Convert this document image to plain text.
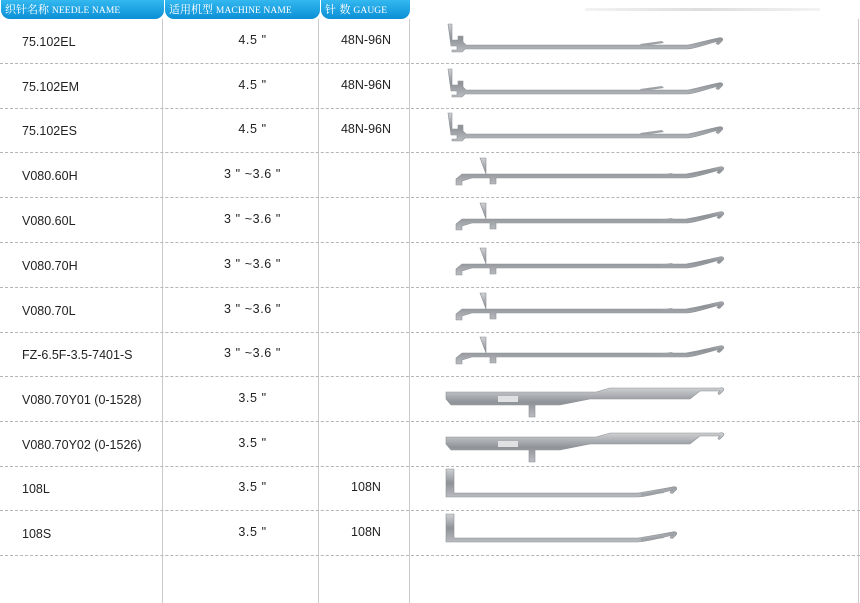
织针名称 NEEDLE NAME	适用机型 MACHINE NAME	针 数 GAUGE
75.102EL	4.5 "	48N-96N
75.102EM	4.5 "	48N-96N
75.102ES	4.5 "	48N-96N
V080.60H	3 " ~3.6 "
V080.60L	3 " ~3.6 "
V080.70H	3 " ~3.6 "
V080.70L	3 " ~3.6 "
FZ-6.5F-3.5-7401-S	3 " ~3.6 "
V080.70Y01 (0-1528)	3.5 "
V080.70Y02 (0-1526)	3.5 "
108L	3.5 "	108N
108S	3.5 "	108N
